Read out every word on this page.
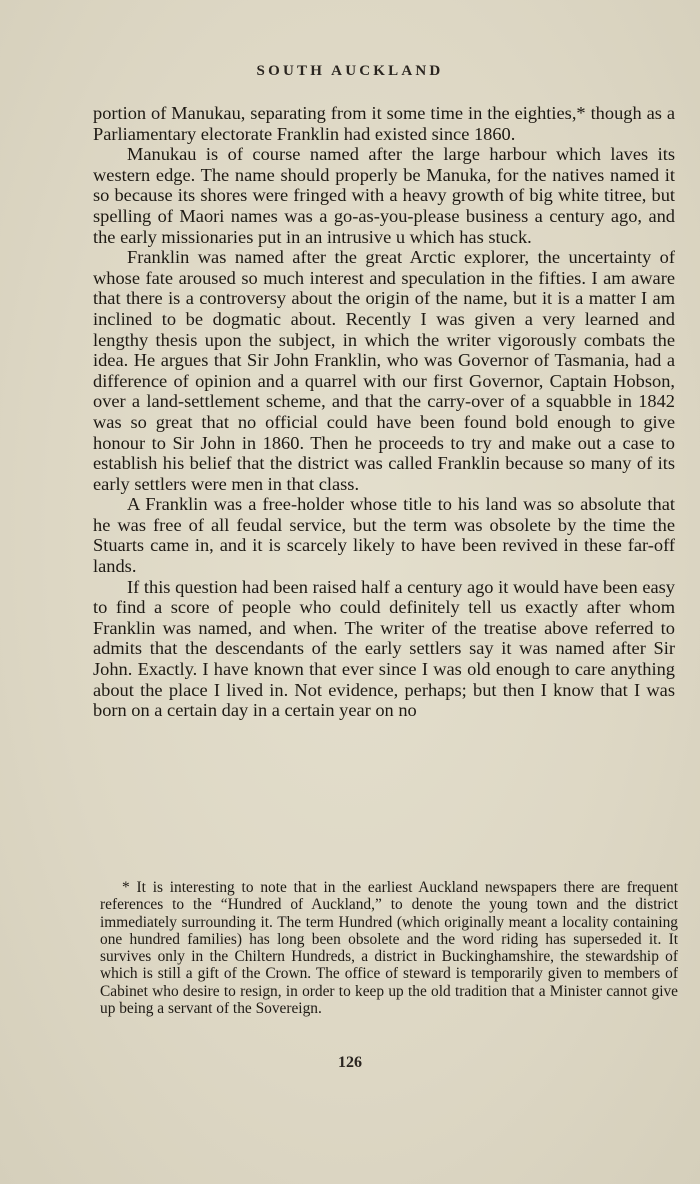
SOUTH AUCKLAND

portion of Manukau, separating from it some time in the eighties,* though as a Parliamentary electorate Franklin had existed since 1860.

Manukau is of course named after the large harbour which laves its western edge. The name should properly be Manuka, for the natives named it so because its shores were fringed with a heavy growth of big white titree, but spelling of Maori names was a go-as-you-please business a century ago, and the early missionaries put in an intrusive u which has stuck.

Franklin was named after the great Arctic explorer, the uncertainty of whose fate aroused so much interest and speculation in the fifties. I am aware that there is a controversy about the origin of the name, but it is a matter I am inclined to be dogmatic about. Recently I was given a very learned and lengthy thesis upon the subject, in which the writer vigorously combats the idea. He argues that Sir John Franklin, who was Governor of Tasmania, had a difference of opinion and a quarrel with our first Governor, Captain Hobson, over a land-settlement scheme, and that the carry-over of a squabble in 1842 was so great that no official could have been found bold enough to give honour to Sir John in 1860. Then he proceeds to try and make out a case to establish his belief that the district was called Franklin because so many of its early settlers were men in that class.

A Franklin was a free-holder whose title to his land was so absolute that he was free of all feudal service, but the term was obsolete by the time the Stuarts came in, and it is scarcely likely to have been revived in these far-off lands.

If this question had been raised half a century ago it would have been easy to find a score of people who could definitely tell us exactly after whom Franklin was named, and when. The writer of the treatise above referred to admits that the descendants of the early settlers say it was named after Sir John. Exactly. I have known that ever since I was old enough to care anything about the place I lived in. Not evidence, perhaps; but then I know that I was born on a certain day in a certain year on no

* It is interesting to note that in the earliest Auckland newspapers there are frequent references to the “Hundred of Auckland,” to denote the young town and the district immediately surrounding it. The term Hundred (which originally meant a locality containing one hundred families) has long been obsolete and the word riding has superseded it. It survives only in the Chiltern Hundreds, a district in Buckinghamshire, the stewardship of which is still a gift of the Crown. The office of steward is temporarily given to members of Cabinet who desire to resign, in order to keep up the old tradition that a Minister cannot give up being a servant of the Sovereign.

126
